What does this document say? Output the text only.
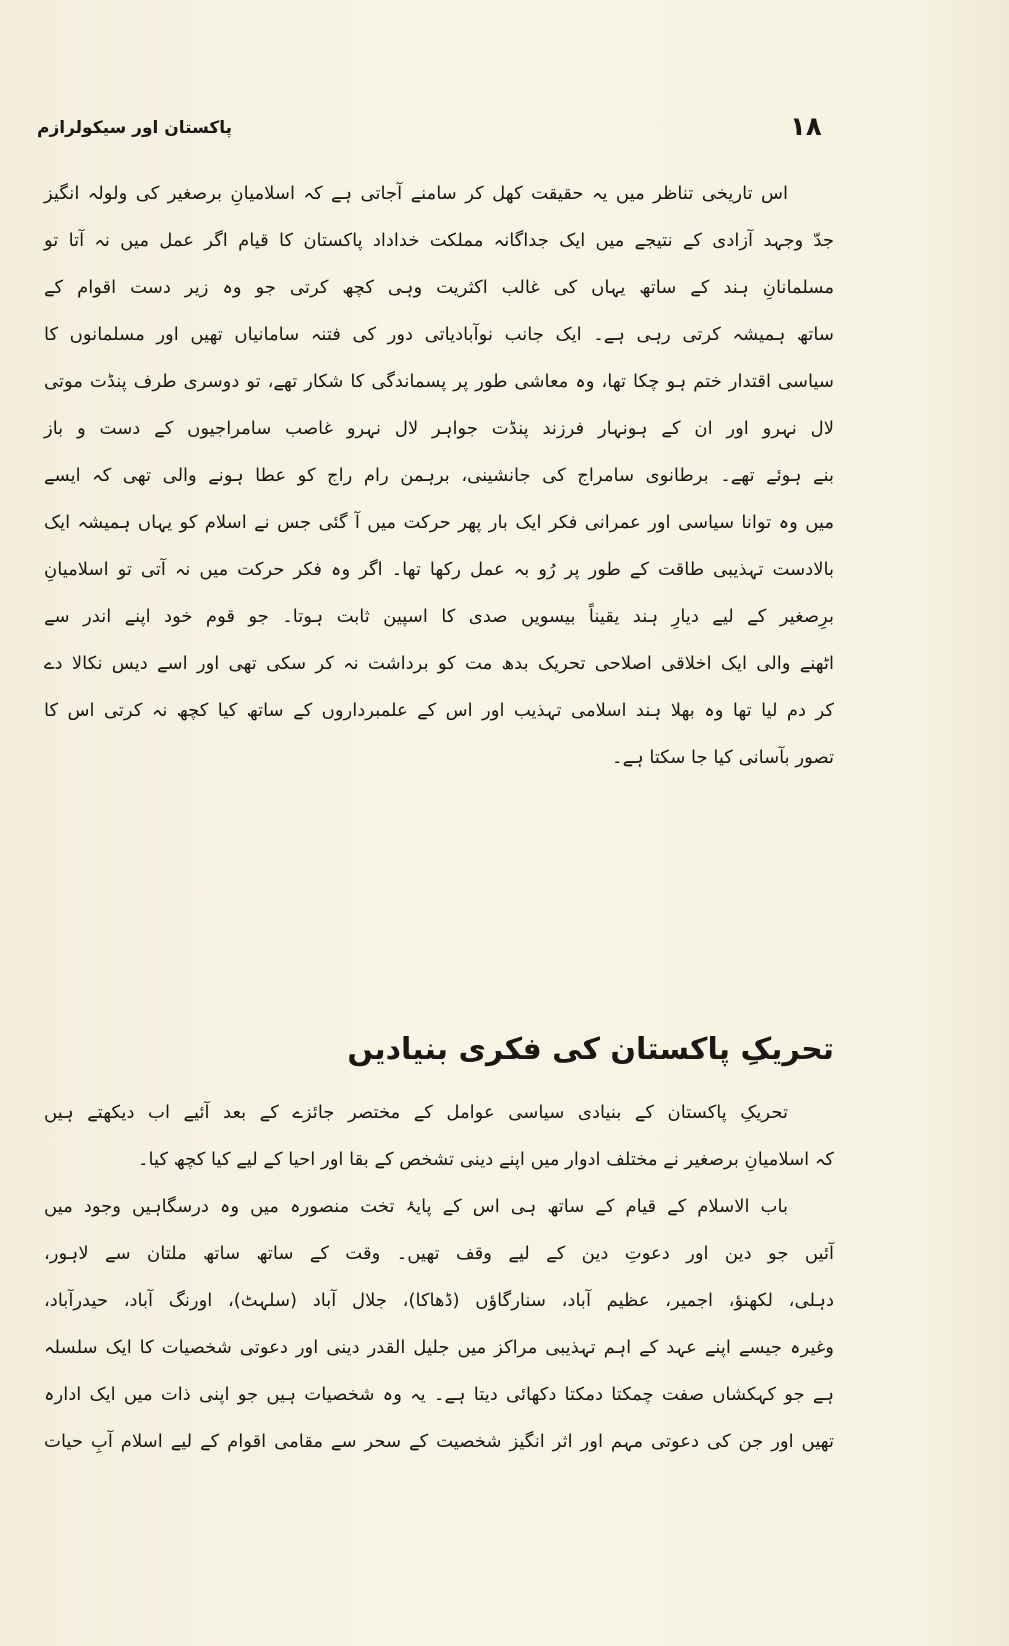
پاکستان اور سیکولرازم	۱۸
اس تاریخی تناظر میں یہ حقیقت کھل کر سامنے آجاتی ہے کہ اسلامیانِ برصغیر کی ولولہ انگیز
جدّ وجہد آزادی کے نتیجے میں ایک جداگانہ مملکت خداداد پاکستان کا قیام اگر عمل میں نہ آتا تو
مسلمانانِ ہند کے ساتھ یہاں کی غالب اکثریت وہی کچھ کرتی جو وہ زیر دست اقوام کے
ساتھ ہمیشہ کرتی رہی ہے۔ ایک جانب نوآبادیاتی دور کی فتنہ سامانیاں تھیں اور مسلمانوں کا
سیاسی اقتدار ختم ہو چکا تھا، وہ معاشی طور پر پسماندگی کا شکار تھے، تو دوسری طرف پنڈت موتی
لال نہرو اور ان کے ہونہار فرزند پنڈت جواہر لال نہرو غاصب سامراجیوں کے دست و باز
بنے ہوئے تھے۔ برطانوی سامراج کی جانشینی، برہمن رام راج کو عطا ہونے والی تھی کہ ایسے
میں وہ توانا سیاسی اور عمرانی فکر ایک بار پھر حرکت میں آ گئی جس نے اسلام کو یہاں ہمیشہ ایک
بالادست تہذیبی طاقت کے طور پر رُو بہ عمل رکھا تھا۔ اگر وہ فکر حرکت میں نہ آتی تو اسلامیانِ
برِصغیر کے لیے دیارِ ہند یقیناً بیسویں صدی کا اسپین ثابت ہوتا۔ جو قوم خود اپنے اندر سے
اٹھنے والی ایک اخلاقی اصلاحی تحریک بدھ مت کو برداشت نہ کر سکی تھی اور اسے دیس نکالا دے
کر دم لیا تھا وہ بھلا ہند اسلامی تہذیب اور اس کے علمبرداروں کے ساتھ کیا کچھ نہ کرتی اس کا
تصور بآسانی کیا جا سکتا ہے۔
تحریکِ پاکستان کی فکری بنیادیں
تحریکِ پاکستان کے بنیادی سیاسی عوامل کے مختصر جائزے کے بعد آئیے اب دیکھتے ہیں
کہ اسلامیانِ برصغیر نے مختلف ادوار میں اپنے دینی تشخص کے بقا اور احیا کے لیے کیا کچھ کیا۔
باب الاسلام کے قیام کے ساتھ ہی اس کے پایۂ تخت منصورہ میں وہ درسگاہیں وجود میں
آئیں جو دین اور دعوتِ دین کے لیے وقف تھیں۔ وقت کے ساتھ ساتھ ملتان سے لاہور،
دہلی، لکھنؤ، اجمیر، عظیم آباد، سنارگاؤں (ڈھاکا)، جلال آباد (سلہٹ)، اورنگ آباد، حیدرآباد،
وغیرہ جیسے اپنے عہد کے اہم تہذیبی مراکز میں جلیل القدر دینی اور دعوتی شخصیات کا ایک سلسلہ
ہے جو کہکشاں صفت چمکتا دمکتا دکھائی دیتا ہے۔ یہ وہ شخصیات ہیں جو اپنی ذات میں ایک ادارہ
تھیں اور جن کی دعوتی مہم اور اثر انگیز شخصیت کے سحر سے مقامی اقوام کے لیے اسلام آبِ حیات
